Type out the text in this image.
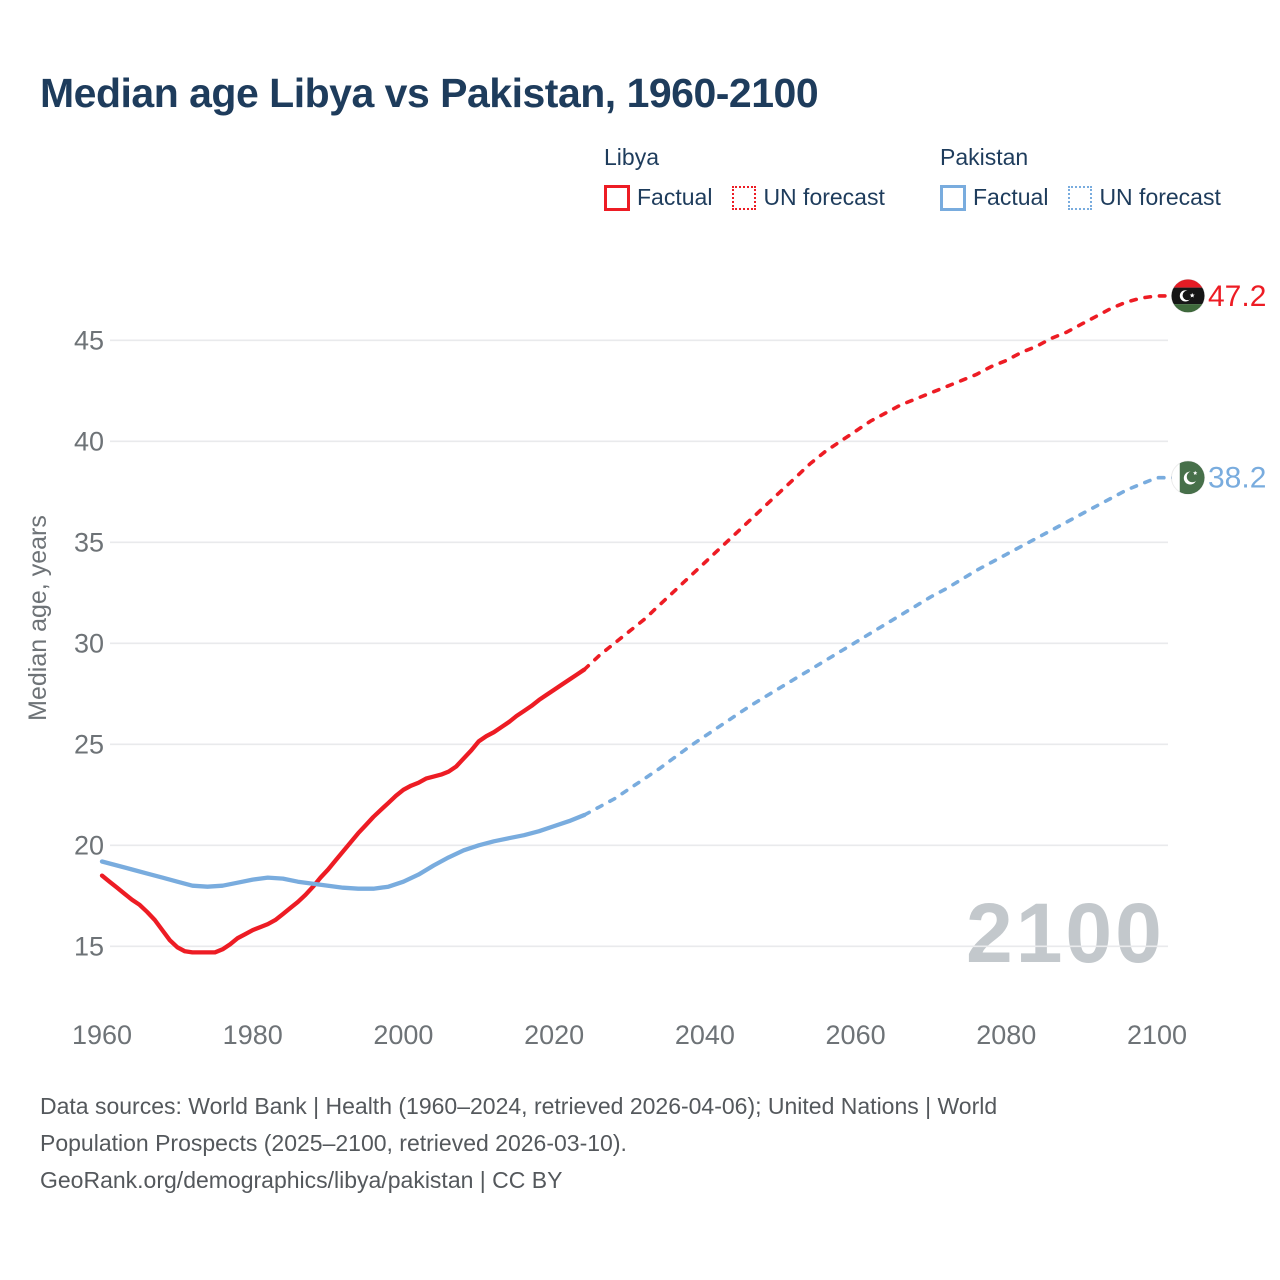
Median age Libya vs Pakistan, 1960-2100
Libya
Factual UN forecast
Pakistan
Factual UN forecast
2100
15
20
25
30
35
40
45
1960	1980	2000	2020	2040	2060	2080	2100
Median age, years
47.2
38.2
Data sources: World Bank | Health (1960–2024, retrieved 2026-04-06); United Nations | World
Population Prospects (2025–2100, retrieved 2026-03-10).
GeoRank.org/demographics/libya/pakistan | CC BY
